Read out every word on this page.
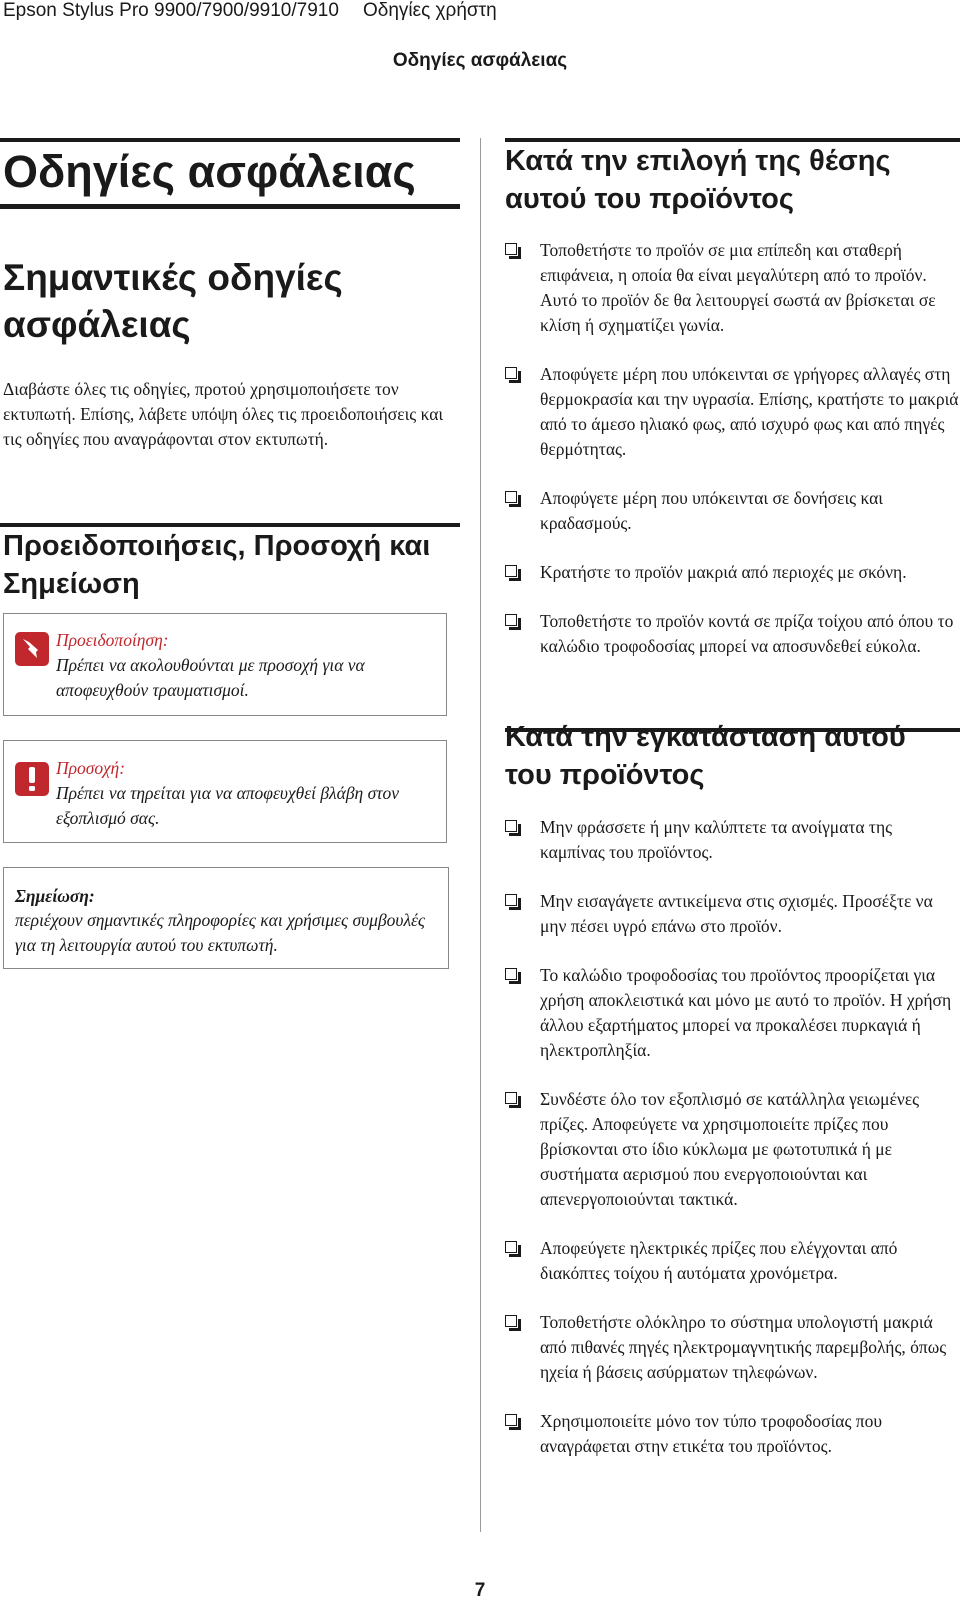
Epson Stylus Pro 9900/7900/9910/7910 Οδηγίες χρήστη
Οδηγίες ασφάλειας
Οδηγίες ασφάλειας
Σημαντικές οδηγίες ασφάλειας
Διαβάστε όλες τις οδηγίες, προτού χρησιμοποιήσετε τον εκτυπωτή. Επίσης, λάβετε υπόψη όλες τις προειδοποιήσεις και τις οδηγίες που αναγράφονται στον εκτυπωτή.
Προειδοποιήσεις, Προσοχή και Σημείωση
Προειδοποίηση:
Πρέπει να ακολουθούνται με προσοχή για να αποφευχθούν τραυματισμοί.
Προσοχή:
Πρέπει να τηρείται για να αποφευχθεί βλάβη στον εξοπλισμό σας.
Σημείωση:
περιέχουν σημαντικές πληροφορίες και χρήσιμες συμβουλές για τη λειτουργία αυτού του εκτυπωτή.
Κατά την επιλογή της θέσης αυτού του προϊόντος
Τοποθετήστε το προϊόν σε μια επίπεδη και σταθερή επιφάνεια, η οποία θα είναι μεγαλύτερη από το προϊόν. Αυτό το προϊόν δε θα λειτουργεί σωστά αν βρίσκεται σε κλίση ή σχηματίζει γωνία.
Αποφύγετε μέρη που υπόκεινται σε γρήγορες αλλαγές στη θερμοκρασία και την υγρασία. Επίσης, κρατήστε το μακριά από το άμεσο ηλιακό φως, από ισχυρό φως και από πηγές θερμότητας.
Αποφύγετε μέρη που υπόκεινται σε δονήσεις και κραδασμούς.
Κρατήστε το προϊόν μακριά από περιοχές με σκόνη.
Τοποθετήστε το προϊόν κοντά σε πρίζα τοίχου από όπου το καλώδιο τροφοδοσίας μπορεί να αποσυνδεθεί εύκολα.
Κατά την εγκατάσταση αυτού του προϊόντος
Μην φράσσετε ή μην καλύπτετε τα ανοίγματα της καμπίνας του προϊόντος.
Μην εισαγάγετε αντικείμενα στις σχισμές. Προσέξτε να μην πέσει υγρό επάνω στο προϊόν.
Το καλώδιο τροφοδοσίας του προϊόντος προορίζεται για χρήση αποκλειστικά και μόνο με αυτό το προϊόν. Η χρήση άλλου εξαρτήματος μπορεί να προκαλέσει πυρκαγιά ή ηλεκτροπληξία.
Συνδέστε όλο τον εξοπλισμό σε κατάλληλα γειωμένες πρίζες. Αποφεύγετε να χρησιμοποιείτε πρίζες που βρίσκονται στο ίδιο κύκλωμα με φωτοτυπικά ή με συστήματα αερισμού που ενεργοποιούνται και απενεργοποιούνται τακτικά.
Αποφεύγετε ηλεκτρικές πρίζες που ελέγχονται από διακόπτες τοίχου ή αυτόματα χρονόμετρα.
Τοποθετήστε ολόκληρο το σύστημα υπολογιστή μακριά από πιθανές πηγές ηλεκτρομαγνητικής παρεμβολής, όπως ηχεία ή βάσεις ασύρματων τηλεφώνων.
Χρησιμοποιείτε μόνο τον τύπο τροφοδοσίας που αναγράφεται στην ετικέτα του προϊόντος.
7
